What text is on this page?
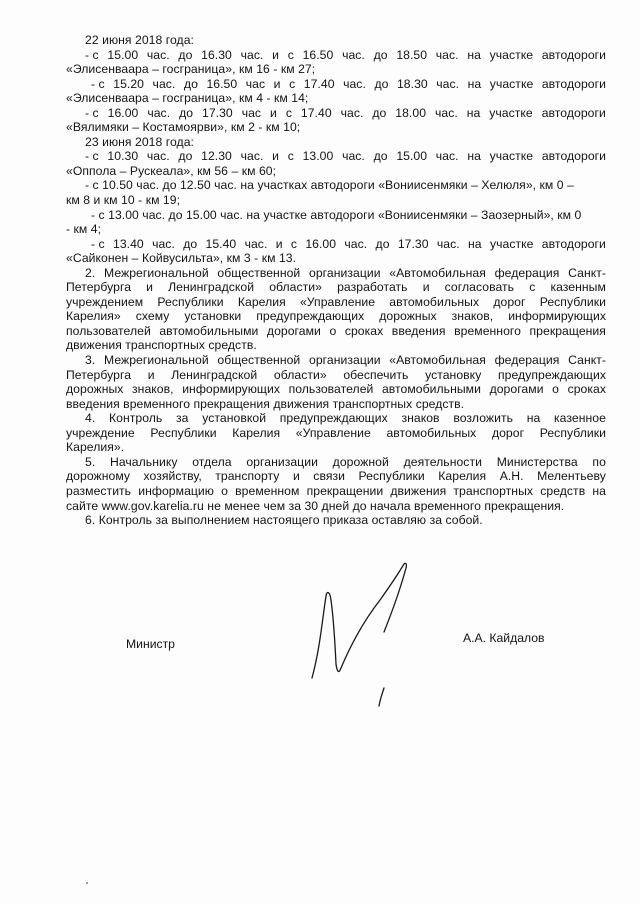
22 июня 2018 года:
- с 15.00 час. до 16.30 час. и с 16.50 час. до 18.50 час. на участке автодороги
«Элисенваара – госграница», км 16 - км 27;
- с 15.20 час. до 16.50 час и с 17.40 час. до 18.30 час. на участке автодороги
«Элисенваара – госграница», км 4 - км 14;
- с 16.00 час. до 17.30 час и с 17.40 час. до 18.00 час. на участке автодороги
«Вялимяки – Костамоярви», км 2 - км 10;
23 июня 2018 года:
- с 10.30 час. до 12.30 час. и с 13.00 час. до 15.00 час. на участке автодороги
«Оппола – Рускеала», км 56 – км 60;
- с 10.50 час. до 12.50 час. на участках автодороги «Вониисенмяки – Хелюля», км 0 –
км 8 и км 10 - км 19;
- с 13.00 час. до 15.00 час. на участке автодороги «Вониисенмяки – Заозерный», км 0
- км 4;
- с 13.40 час. до 15.40 час. и с 16.00 час. до 17.30 час. на участке автодороги
«Сайконен – Койвусильта», км 3 - км 13.
2. Межрегиональной общественной организации «Автомобильная федерация Санкт-
Петербурга и Ленинградской области» разработать и согласовать с казенным
учреждением Республики Карелия «Управление автомобильных дорог Республики
Карелия» схему установки предупреждающих дорожных знаков, информирующих
пользователей автомобильными дорогами о сроках введения временного прекращения
движения транспортных средств.
3. Межрегиональной общественной организации «Автомобильная федерация Санкт-
Петербурга и Ленинградской области» обеспечить установку предупреждающих
дорожных знаков, информирующих пользователей автомобильными дорогами о сроках
введения временного прекращения движения транспортных средств.
4. Контроль за установкой предупреждающих знаков возложить на казенное
учреждение Республики Карелия «Управление автомобильных дорог Республики
Карелия».
5. Начальнику отдела организации дорожной деятельности Министерства по
дорожному хозяйству, транспорту и связи Республики Карелия А.Н. Мелентьеву
разместить информацию о временном прекращении движения транспортных средств на
сайте www.gov.karelia.ru не менее чем за 30 дней до начала временного прекращения.
6. Контроль за выполнением настоящего приказа оставляю за собой.
Министр	А.А. Кайдалов
